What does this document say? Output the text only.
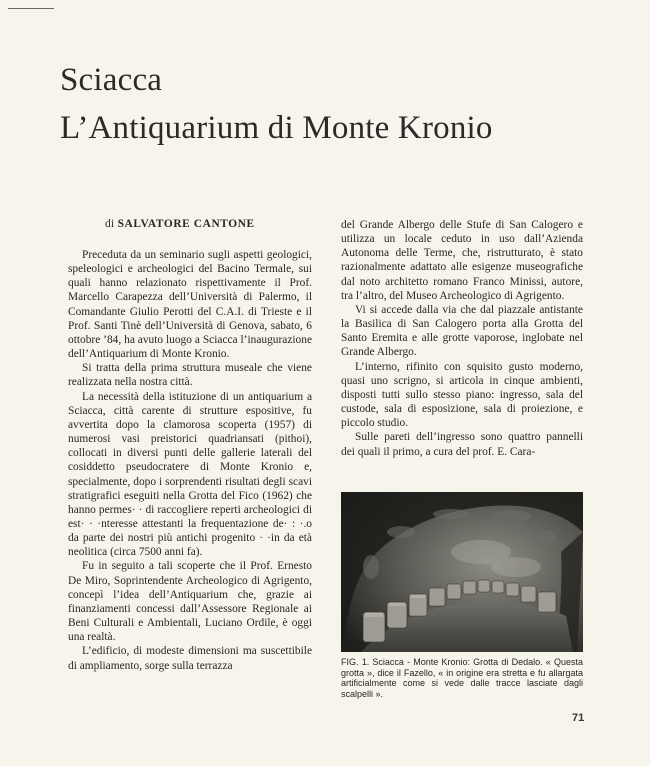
Sciacca
L’Antiquarium di Monte Kronio
di SALVATORE CANTONE

Preceduta da un seminario sugli aspetti geologici, speleologici e archeologici del Bacino Termale, sui quali hanno relazionato rispettivamente il Prof. Marcello Carapezza dell’Università di Palermo, il Comandante Giulio Perotti del C.A.I. di Trieste e il Prof. Santi Tinè dell’Università di Genova, sabato, 6 ottobre ’84, ha avuto luogo a Sciacca l’inaugurazione dell’Antiquarium di Monte Kronio.

Si tratta della prima struttura museale che viene realizzata nella nostra città.

La necessità della istituzione di un antiquarium a Sciacca, città carente di strutture espositive, fu avvertita dopo la clamorosa scoperta (1957) di numerosi vasi preistorici quadriansati (pithoi), collocati in diversi punti delle gallerie laterali del cosiddetto pseudocratere di Monte Kronio e, specialmente, dopo i sorprendenti risultati degli scavi stratigrafici eseguiti nella Grotta del Fico (1962) che hanno permes· · di raccogliere reperti archeologici di est· · ·nteresse attestanti la frequentazione de· : ·.o da parte dei nostri più antichi progenito · ·in da età neolitica (circa 7500 anni fa).

Fu in seguito a tali scoperte che il Prof. Ernesto De Miro, Soprintendente Archeologico di Agrigento, concepì l’idea dell’Antiquarium che, grazie ai finanziamenti concessi dall’Assessore Regionale ai Beni Culturali e Ambientali, Luciano Ordile, è oggi una realtà.

L’edificio, di modeste dimensioni ma suscettibile di ampliamento, sorge sulla terrazza

del Grande Albergo delle Stufe di San Calogero e utilizza un locale ceduto in uso dall’Azienda Autonoma delle Terme, che, ristrutturato, è stato razionalmente adattato alle esigenze museografiche dal noto architetto romano Franco Minissi, autore, tra l’altro, del Museo Archeologico di Agrigento.

Vi si accede dalla via che dal piazzale antistante la Basilica di San Calogero porta alla Grotta del Santo Eremita e alle grotte vaporose, inglobate nel Grande Albergo.

L’interno, rifinito con squisito gusto moderno, quasi uno scrigno, si articola in cinque ambienti, disposti tutti sullo stesso piano: ingresso, sala del custode, sala di esposizione, sala di proiezione, e piccolo studio.

Sulle pareti dell’ingresso sono quattro pannelli dei quali il primo, a cura del prof. E. Cara-

FIG. 1. Sciacca - Monte Kronio: Grotta di Dedalo. « Questa grotta », dice il Fazello, « in origine era stretta e fu allargata artificialmente come si vede dalle tracce lasciate dagli scalpelli ».
71
